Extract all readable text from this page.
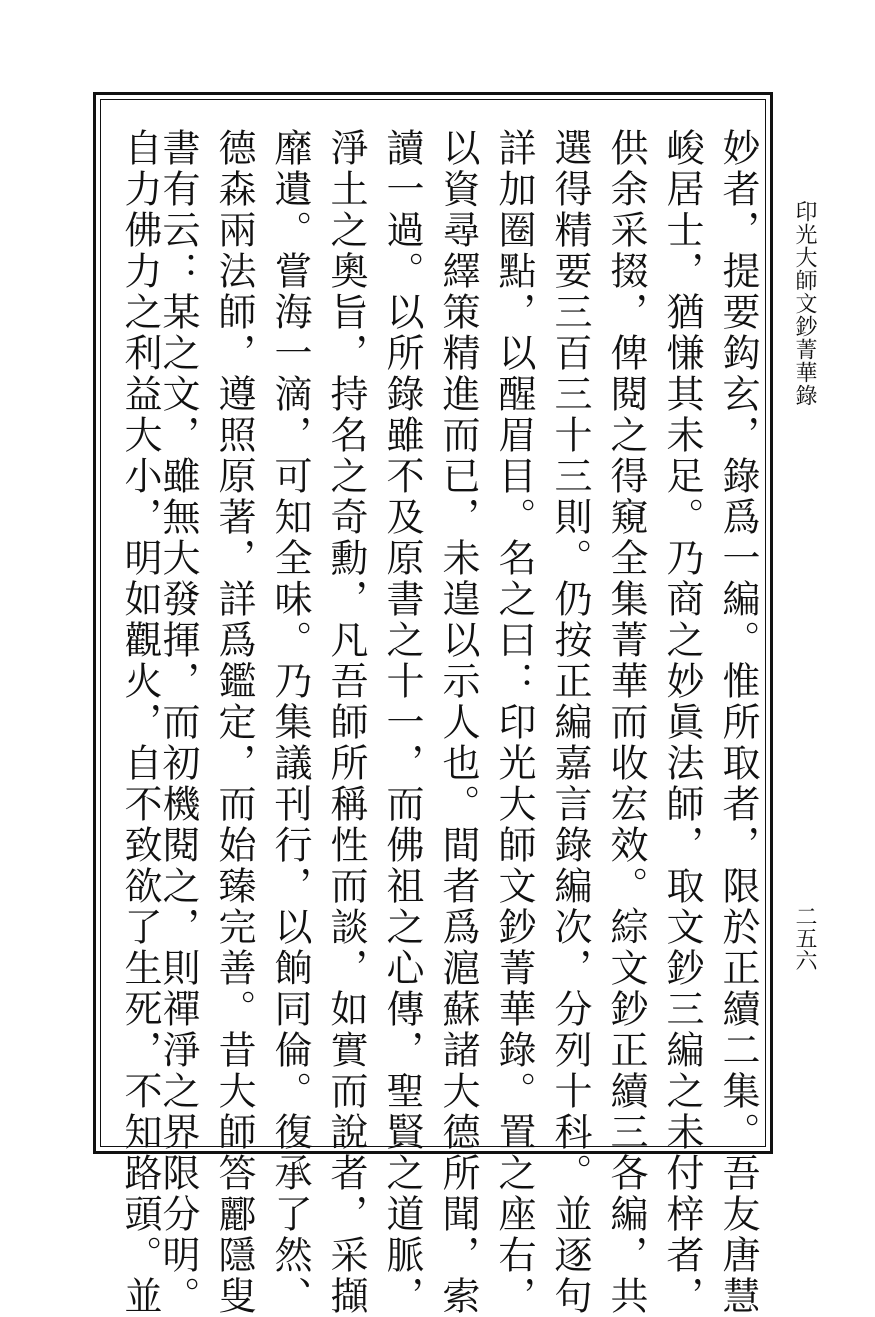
妙者，提要鈎玄，錄爲一編。惟所取者，限於正續二集。吾友唐慧
峻居士，猶慊其未足。乃商之妙眞法師，取文鈔三編之未付梓者，
供余采掇，俾閱之得窺全集菁華而收宏效。綜文鈔正續三各編，共
選得精要三百三十三則。仍按正編嘉言錄編次，分列十科。並逐句
詳加圈點，以醒眉目。名之曰：印光大師文鈔菁華錄。置之座右，
以資尋繹策精進而已，未遑以示人也。間者爲滬蘇諸大德所聞，索
讀一過。以所錄雖不及原書之十一，而佛祖之心傳，聖賢之道脈，
淨土之奧旨，持名之奇勳，凡吾師所稱性而談，如實而說者，采擷
靡遺。嘗海一滴，可知全味。乃集議刊行，以餉同倫。復承了然、
德森兩法師，遵照原著，詳爲鑑定，而始臻完善。昔大師答酈隱叟
書有云：某之文，雖無大發揮，而初機閱之，則禪淨之界限分明。
自力佛力之利益大小，明如觀火，自不致欲了生死，不知路頭。並	印光大師文鈔菁華錄
二五六
